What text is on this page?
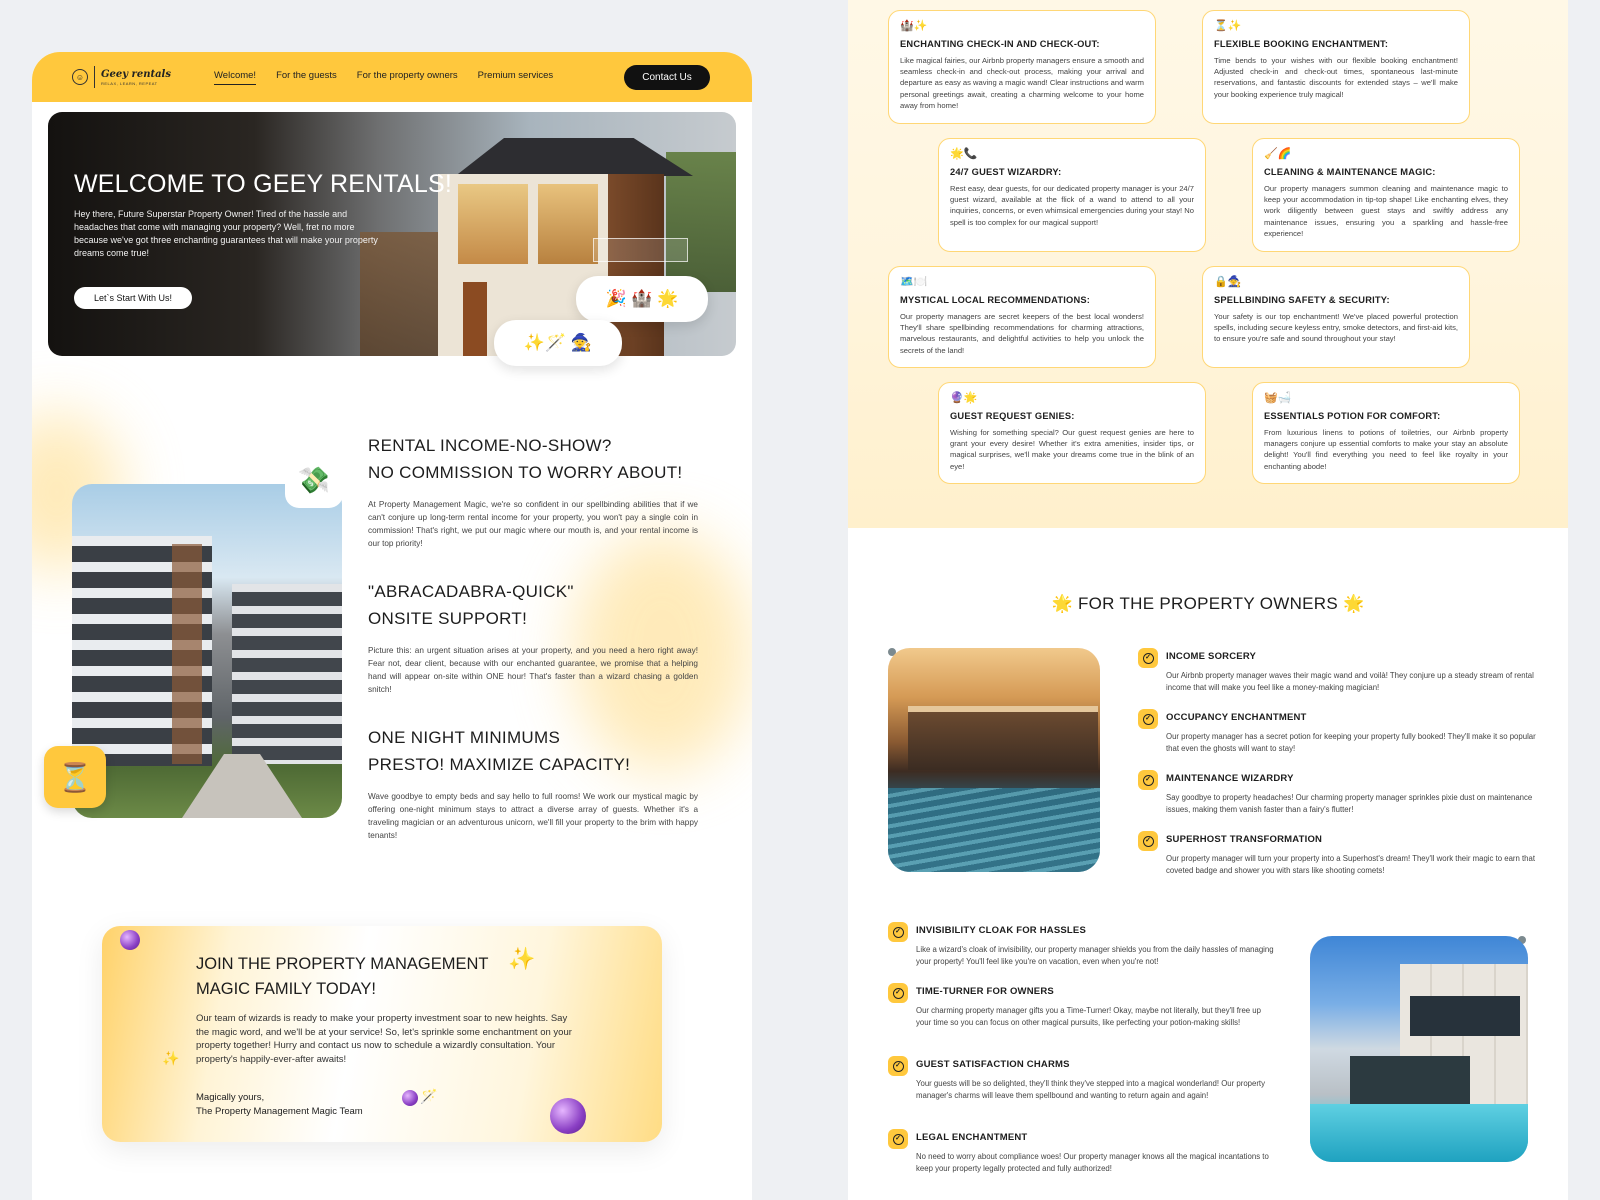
☺	Geey rentals
RELAX, LEARN, REPEAT
Welcome! For the guests For the property owners Premium services	Contact Us
WELCOME TO GEEY RENTALS!
Hey there, Future Superstar Property Owner! Tired of the hassle and headaches that come with managing your property? Well, fret no more because we've got three enchanting guarantees that will make your property dreams come true!
Let`s Start With Us!	🎉 🏰 🌟
✨🪄 🧙
💸
⏳
RENTAL INCOME-NO-SHOW?
NO COMMISSION TO WORRY ABOUT!
At Property Management Magic, we're so confident in our spellbinding abilities that if we can't conjure up long-term rental income for your property, you won't pay a single coin in commission! That's right, we put our magic where our mouth is, and your rental income is our top priority!
"ABRACADABRA-QUICK"
ONSITE SUPPORT!
Picture this: an urgent situation arises at your property, and you need a hero right away! Fear not, dear client, because with our enchanted guarantee, we promise that a helping hand will appear on-site within ONE hour! That's faster than a wizard chasing a golden snitch!
ONE NIGHT MINIMUMS
PRESTO! MAXIMIZE CAPACITY!
Wave goodbye to empty beds and say hello to full rooms! We work our mystical magic by offering one-night minimum stays to attract a diverse array of guests. Whether it's a traveling magician or an adventurous unicorn, we'll fill your property to the brim with happy tenants!
✨
✨
JOIN THE PROPERTY MANAGEMENT
MAGIC FAMILY TODAY!
Our team of wizards is ready to make your property investment soar to new heights. Say the magic word, and we'll be at your service! So, let's sprinkle some enchantment on your property together! Hurry and contact us now to schedule a wizardly consultation. Your property's happily-ever-after awaits!
Magically yours,
The Property Management Magic Team
🪄
🏰✨
ENCHANTING CHECK-IN AND CHECK-OUT:
Like magical fairies, our Airbnb property managers ensure a smooth and seamless check-in and check-out process, making your arrival and departure as easy as waving a magic wand! Clear instructions and warm personal greetings await, creating a charming welcome to your home away from home!
⏳✨
FLEXIBLE BOOKING ENCHANTMENT:
Time bends to your wishes with our flexible booking enchantment! Adjusted check-in and check-out times, spontaneous last-minute reservations, and fantastic discounts for extended stays – we'll make your booking experience truly magical!
🌟📞
24/7 GUEST WIZARDRY:
Rest easy, dear guests, for our dedicated property manager is your 24/7 guest wizard, available at the flick of a wand to attend to all your inquiries, concerns, or even whimsical emergencies during your stay! No spell is too complex for our magical support!
🧹🌈
CLEANING & MAINTENANCE MAGIC:
Our property managers summon cleaning and maintenance magic to keep your accommodation in tip-top shape! Like enchanting elves, they work diligently between guest stays and swiftly address any maintenance issues, ensuring you a sparkling and hassle-free experience!
🗺️🍽️
MYSTICAL LOCAL RECOMMENDATIONS:
Our property managers are secret keepers of the best local wonders! They'll share spellbinding recommendations for charming attractions, marvelous restaurants, and delightful activities to help you unlock the secrets of the land!
🔒🧙
SPELLBINDING SAFETY & SECURITY:
Your safety is our top enchantment! We've placed powerful protection spells, including secure keyless entry, smoke detectors, and first-aid kits, to ensure you're safe and sound throughout your stay!
🔮🌟
GUEST REQUEST GENIES:
Wishing for something special? Our guest request genies are here to grant your every desire! Whether it's extra amenities, insider tips, or magical surprises, we'll make your dreams come true in the blink of an eye!
🧺🛁
ESSENTIALS POTION FOR COMFORT:
From luxurious linens to potions of toiletries, our Airbnb property managers conjure up essential comforts to make your stay an absolute delight! You'll find everything you need to feel like royalty in your enchanting abode!
🌟 FOR THE PROPERTY OWNERS 🌟
✓ INCOME SORCERY
Our Airbnb property manager waves their magic wand and voilà! They conjure up a steady stream of rental income that will make you feel like a money-making magician!
✓ OCCUPANCY ENCHANTMENT
Our property manager has a secret potion for keeping your property fully booked! They'll make it so popular that even the ghosts will want to stay!
✓ MAINTENANCE WIZARDRY
Say goodbye to property headaches! Our charming property manager sprinkles pixie dust on maintenance issues, making them vanish faster than a fairy's flutter!
✓ SUPERHOST TRANSFORMATION
Our property manager will turn your property into a Superhost's dream! They'll work their magic to earn that coveted badge and shower you with stars like shooting comets!
✓ INVISIBILITY CLOAK FOR HASSLES
Like a wizard's cloak of invisibility, our property manager shields you from the daily hassles of managing your property! You'll feel like you're on vacation, even when you're not!
✓ TIME-TURNER FOR OWNERS
Our charming property manager gifts you a Time-Turner! Okay, maybe not literally, but they'll free up your time so you can focus on other magical pursuits, like perfecting your potion-making skills!
✓ GUEST SATISFACTION CHARMS
Your guests will be so delighted, they'll think they've stepped into a magical wonderland! Our property manager's charms will leave them spellbound and wanting to return again and again!
✓ LEGAL ENCHANTMENT
No need to worry about compliance woes! Our property manager knows all the magical incantations to keep your property legally protected and fully authorized!
